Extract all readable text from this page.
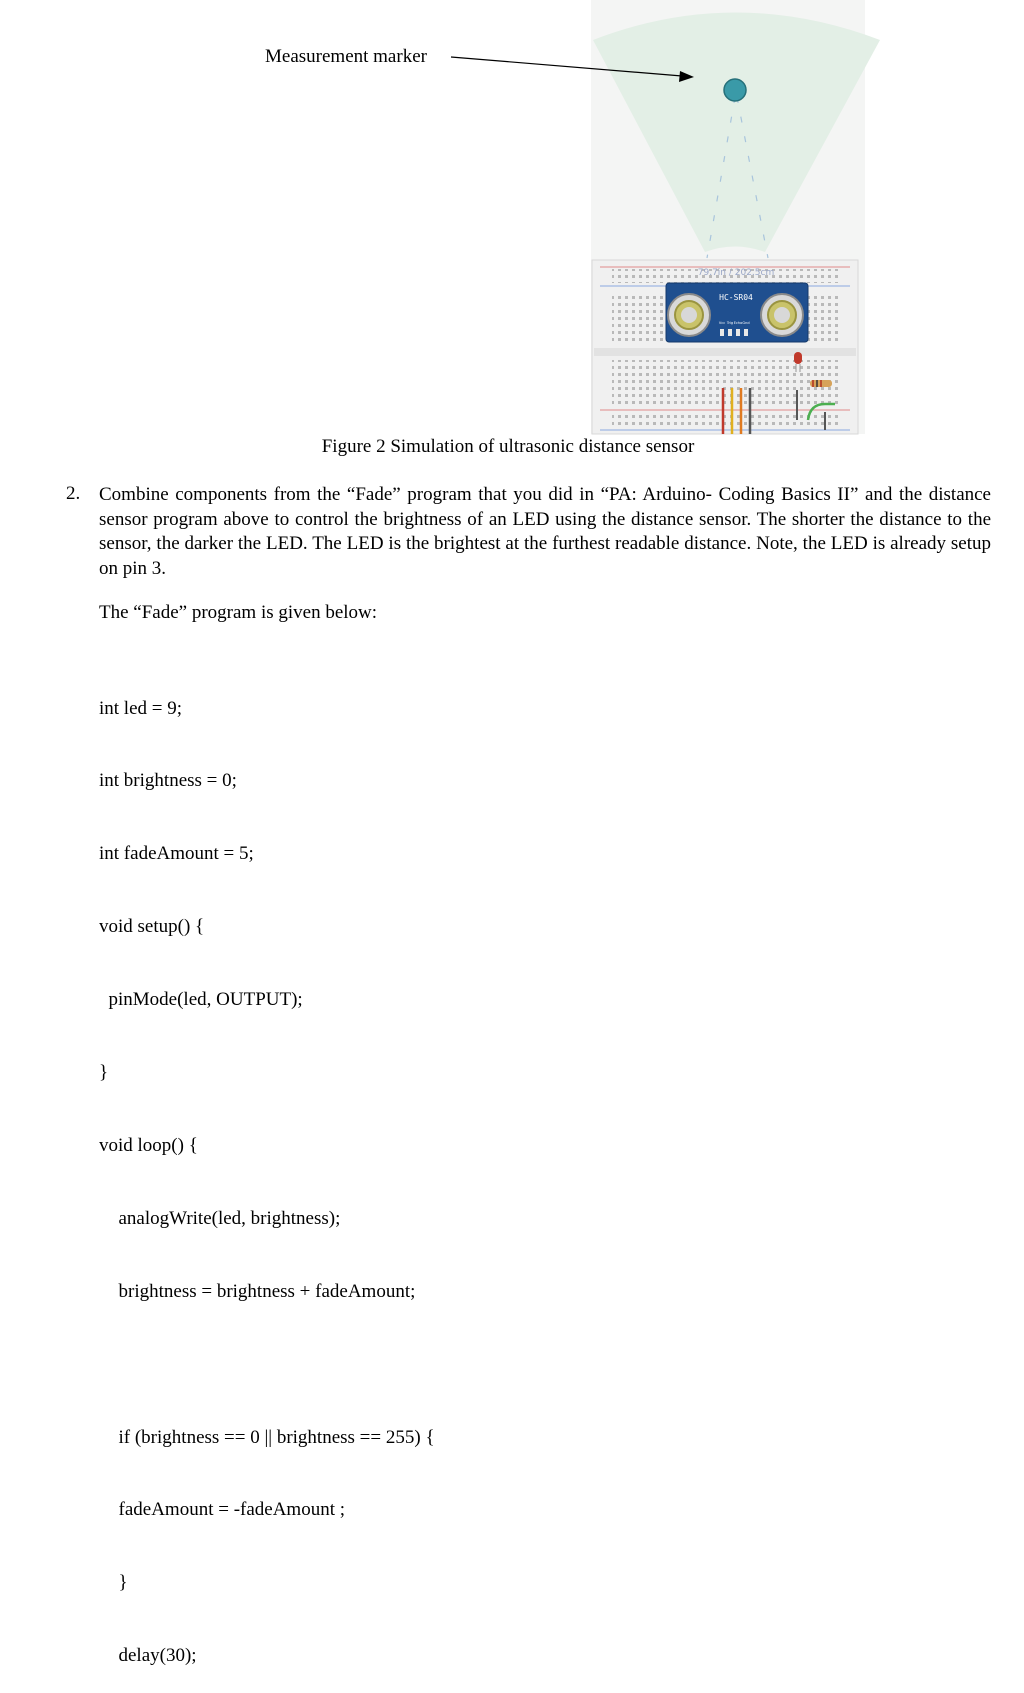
79.7in / 202.5cm
HC-SR04
Vcc Trig Echo Gnd
Measurement marker
Figure 2 Simulation of ultrasonic distance sensor
2. Combine components from the “Fade” program that you did in “PA: Arduino- Coding Basics II” and the distance sensor program above to control the brightness of an LED using the distance sensor. The shorter the distance to the sensor, the darker the LED. The LED is the brightest at the furthest readable distance. Note, the LED is already setup on pin 3.
The “Fade” program is given below:

int led = 9;

int brightness = 0;

int fadeAmount = 5;

void setup() {

pinMode(led, OUTPUT);

}

void loop() {

analogWrite(led, brightness);

brightness = brightness + fadeAmount;

if (brightness == 0 || brightness == 255) {

fadeAmount = -fadeAmount ;

}

delay(30);
